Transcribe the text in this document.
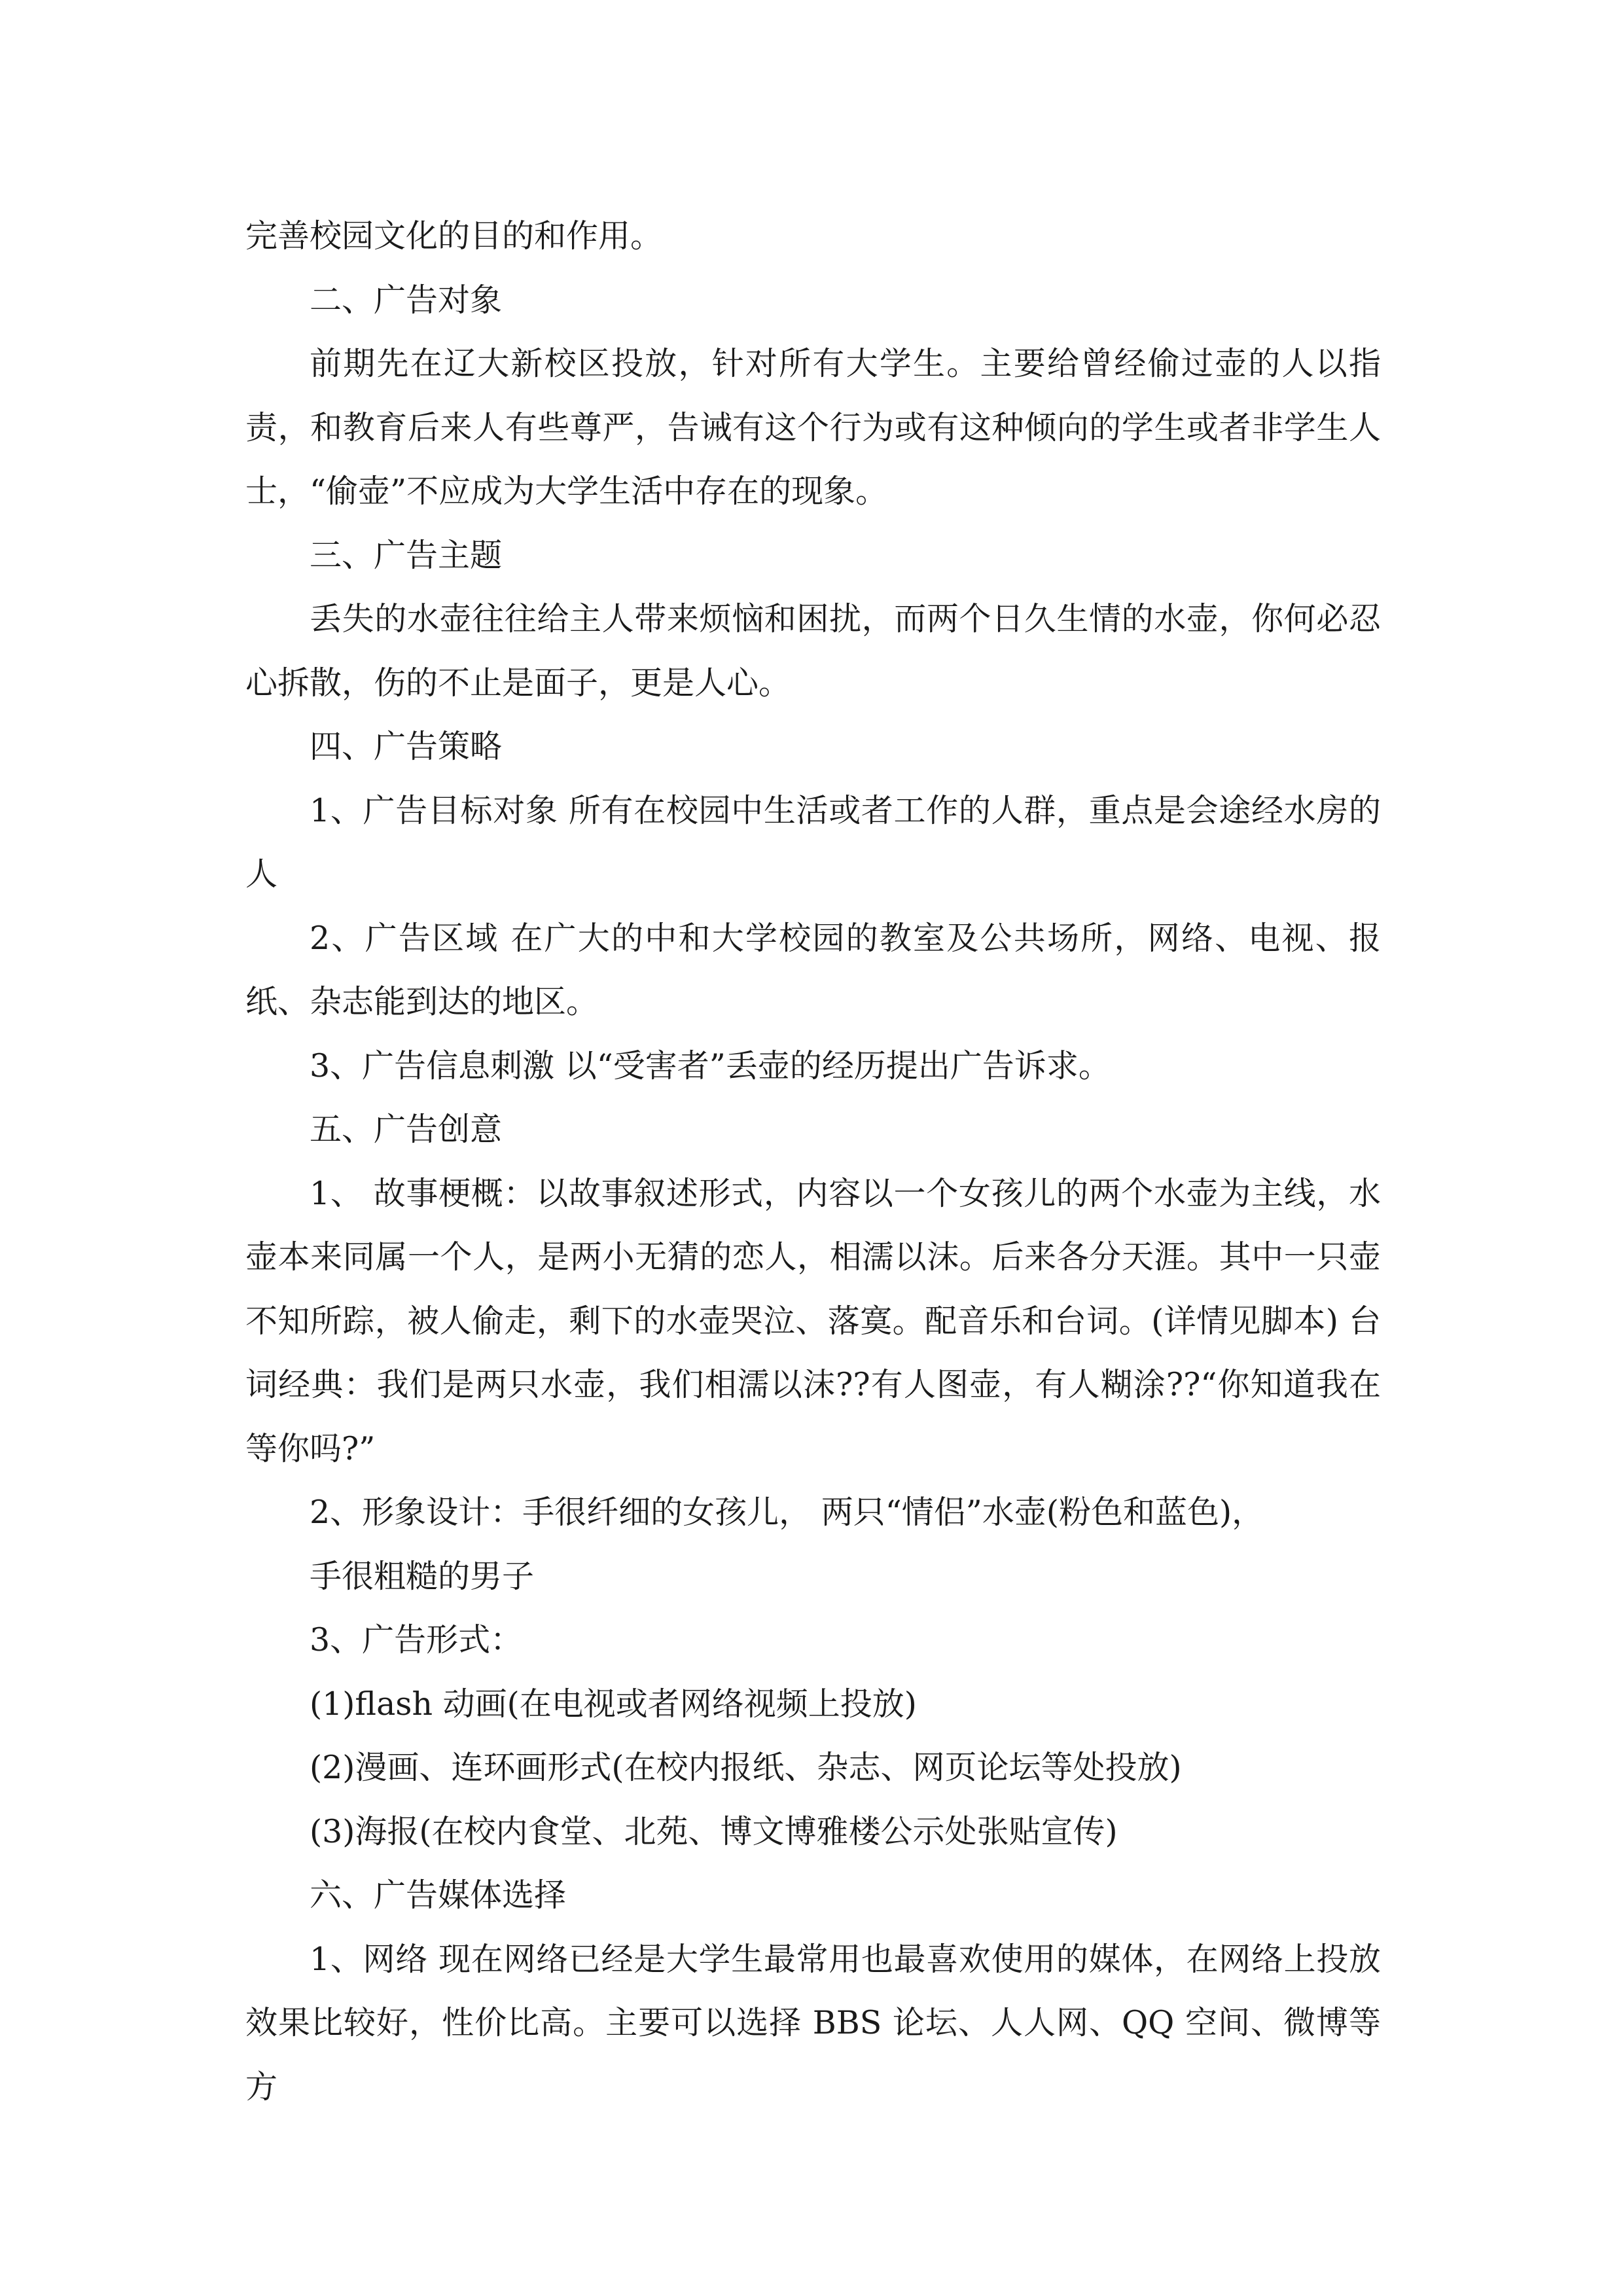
完善校园文化的目的和作用。

二、广告对象

前期先在辽大新校区投放，针对所有大学生。主要给曾经偷过壶的人以指责，和教育后来人有些尊严，告诫有这个行为或有这种倾向的学生或者非学生人士，“偷壶”不应成为大学生活中存在的现象。

三、广告主题

丢失的水壶往往给主人带来烦恼和困扰，而两个日久生情的水壶，你何必忍心拆散，伤的不止是面子，更是人心。

四、广告策略

1、广告目标对象 所有在校园中生活或者工作的人群，重点是会途经水房的人

2、广告区域 在广大的中和大学校园的教室及公共场所，网络、电视、报纸、杂志能到达的地区。

3、广告信息刺激 以“受害者”丢壶的经历提出广告诉求。

五、广告创意

1、 故事梗概：以故事叙述形式，内容以一个女孩儿的两个水壶为主线，水壶本来同属一个人，是两小无猜的恋人，相濡以沫。后来各分天涯。其中一只壶不知所踪，被人偷走，剩下的水壶哭泣、落寞。配音乐和台词。(详情见脚本) 台词经典：我们是两只水壶，我们相濡以沫??有人图壶，有人糊涂??“你知道我在等你吗?”

2、形象设计：手很纤细的女孩儿， 两只“情侣”水壶(粉色和蓝色)，

手很粗糙的男子

3、广告形式：

(1)flash 动画(在电视或者网络视频上投放)

(2)漫画、连环画形式(在校内报纸、杂志、网页论坛等处投放)

(3)海报(在校内食堂、北苑、博文博雅楼公示处张贴宣传)

六、广告媒体选择

1、网络 现在网络已经是大学生最常用也最喜欢使用的媒体，在网络上投放效果比较好，性价比高。主要可以选择 BBS 论坛、人人网、QQ 空间、微博等方
